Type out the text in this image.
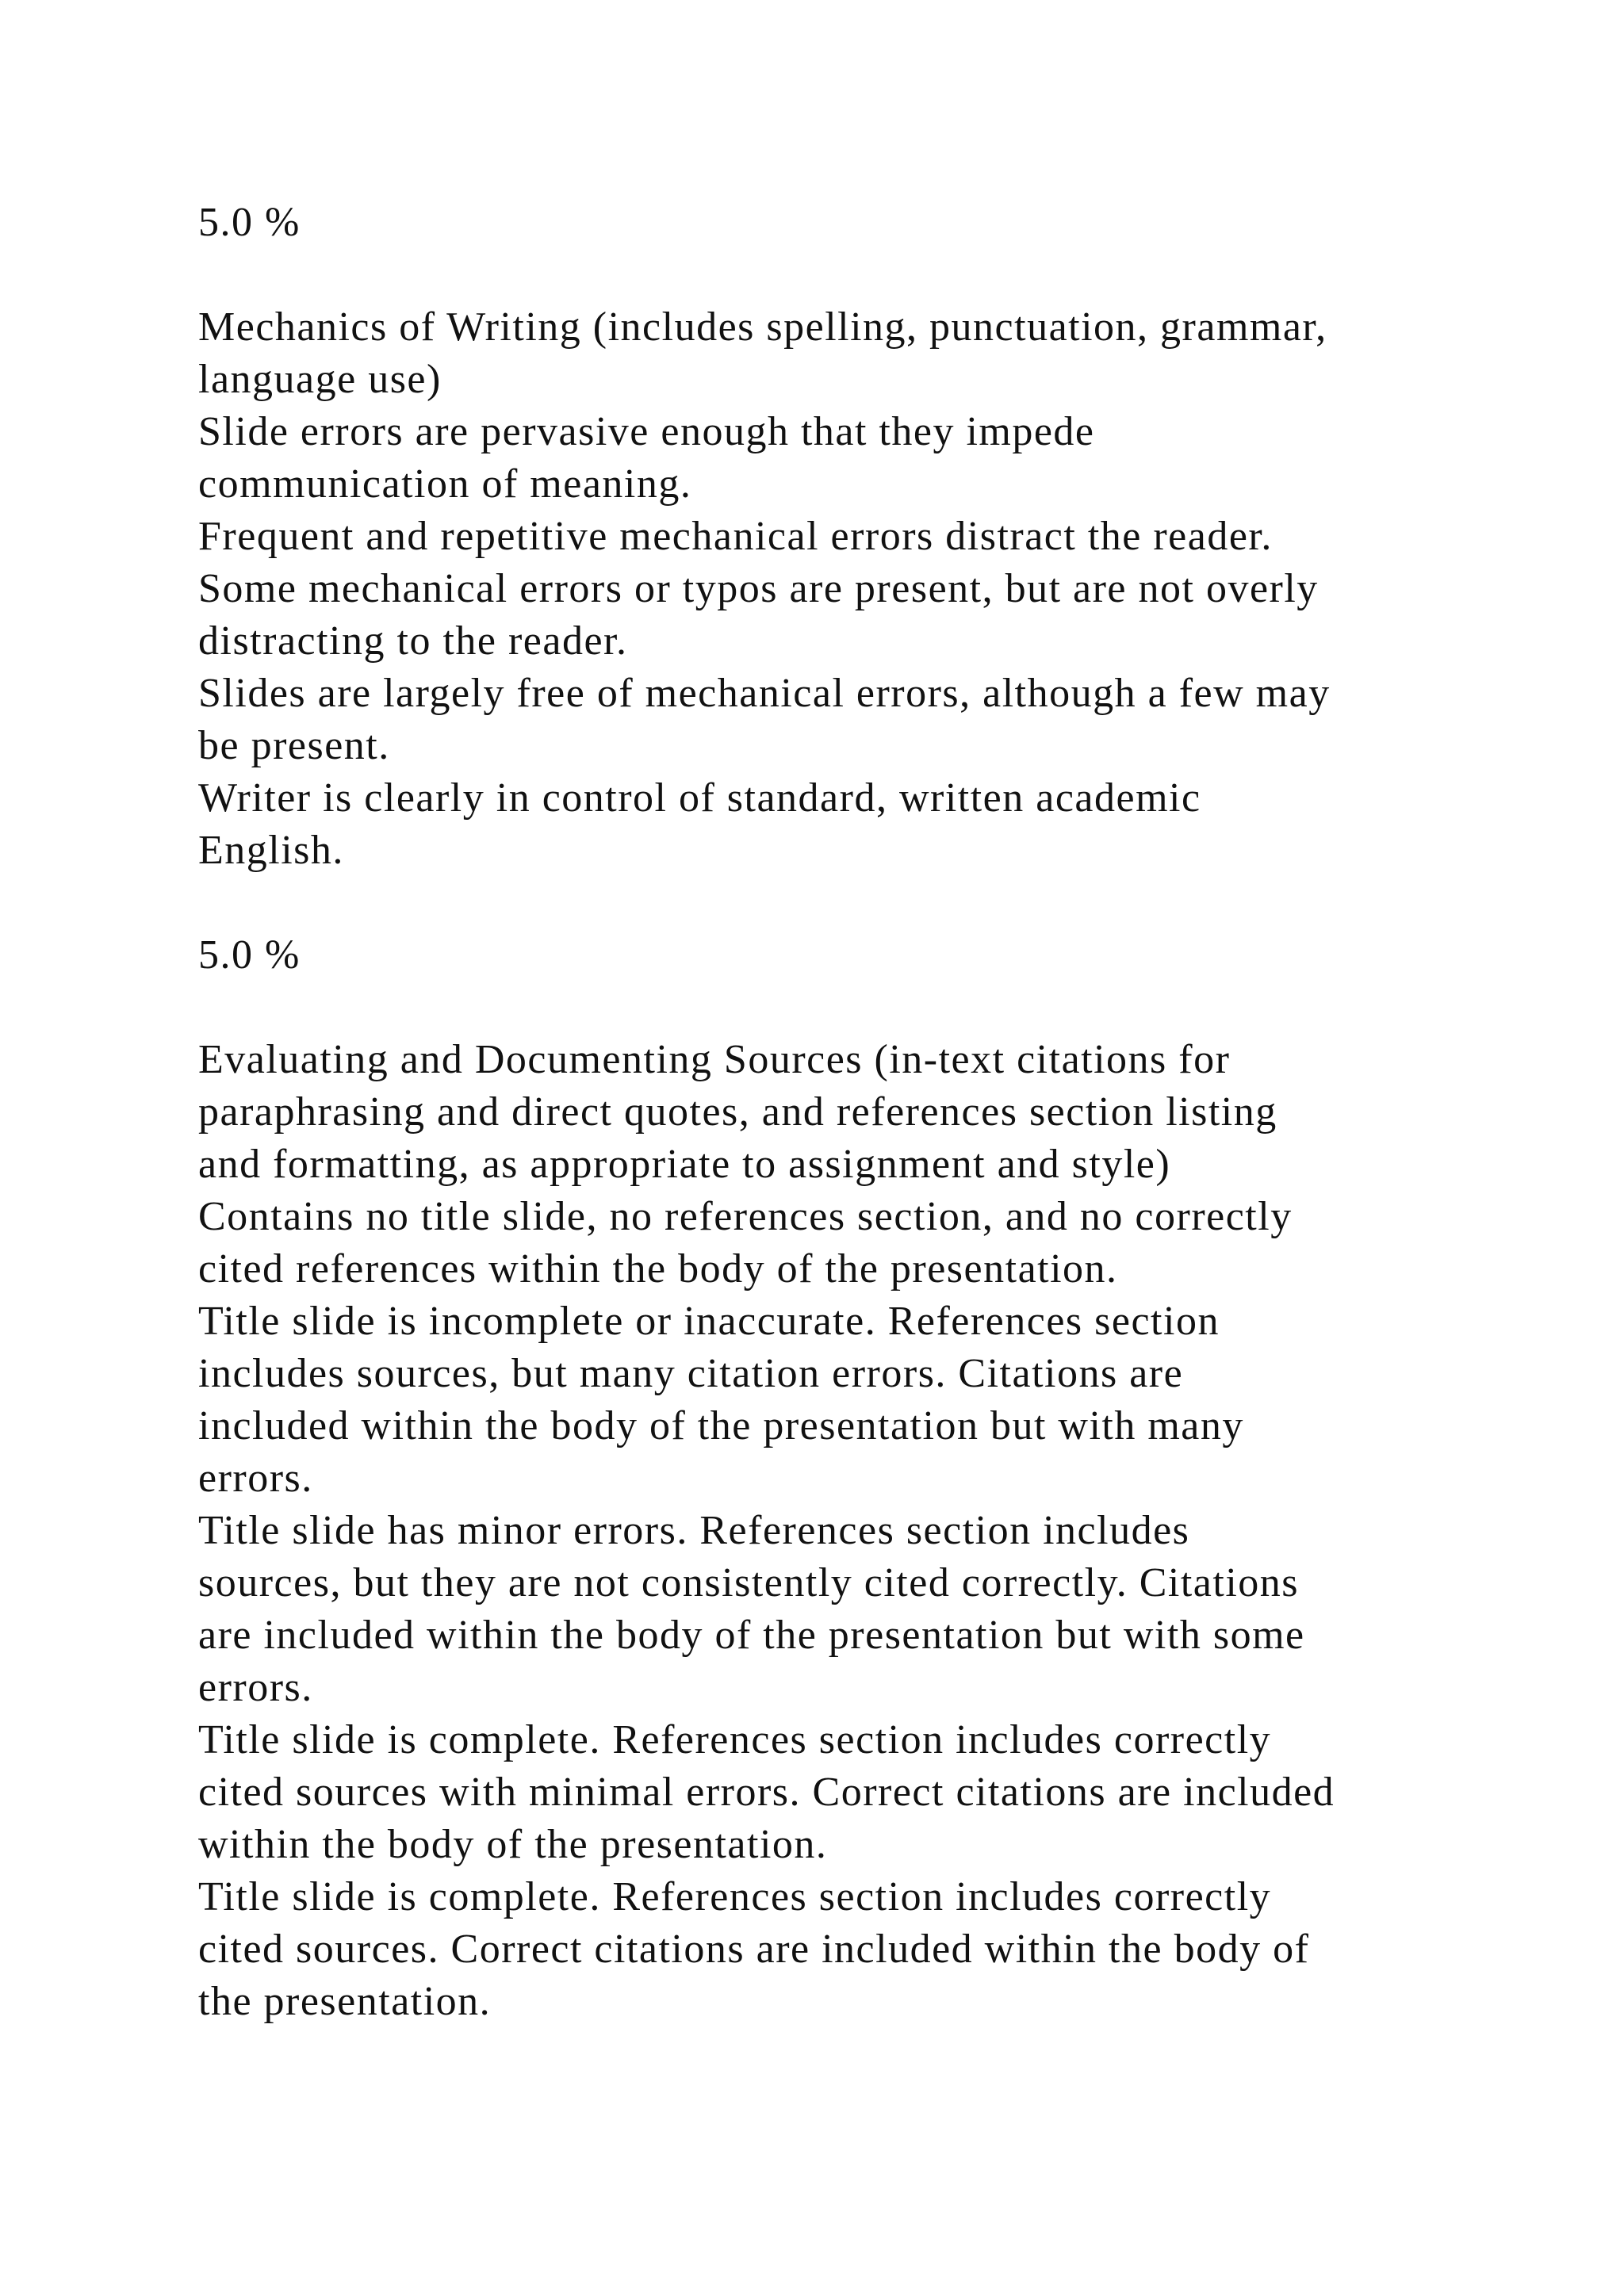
5.0 %
Mechanics of Writing (includes spelling, punctuation, grammar,
language use)
Slide errors are pervasive enough that they impede
communication of meaning.
Frequent and repetitive mechanical errors distract the reader.
Some mechanical errors or typos are present, but are not overly
distracting to the reader.
Slides are largely free of mechanical errors, although a few may
be present.
Writer is clearly in control of standard, written academic
English.
5.0 %
Evaluating and Documenting Sources (in-text citations for
paraphrasing and direct quotes, and references section listing
and formatting, as appropriate to assignment and style)
Contains no title slide, no references section, and no correctly
cited references within the body of the presentation.
Title slide is incomplete or inaccurate. References section
includes sources, but many citation errors. Citations are
included within the body of the presentation but with many
errors.
Title slide has minor errors. References section includes
sources, but they are not consistently cited correctly. Citations
are included within the body of the presentation but with some
errors.
Title slide is complete. References section includes correctly
cited sources with minimal errors. Correct citations are included
within the body of the presentation.
Title slide is complete. References section includes correctly
cited sources. Correct citations are included within the body of
the presentation.
